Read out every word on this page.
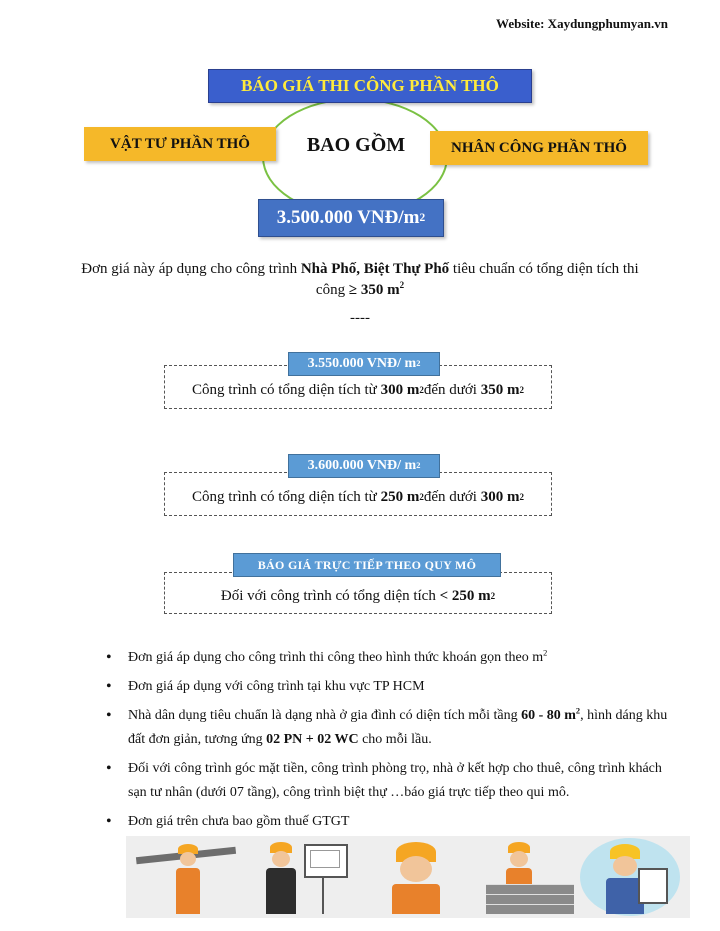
Website: Xaydungphumyan.vn
BÁO GIÁ THI CÔNG PHẦN THÔ
VẬT TƯ PHẦN THÔ	NHÂN CÔNG PHẦN THÔ
BAO GỒM
3.500.000 VNĐ/m 2
Đơn giá này áp dụng cho công trình Nhà Phố, Biệt Thự Phố tiêu chuẩn có tổng diện tích thi công ≥ 350 $m^2$
----
Công trình có tổng diện tích từ
300 m 2 đến dưới
350 m 2
3.550.000 VNĐ/ m 2
Công trình có tổng diện tích từ
250 m 2 đến dưới
300 m 2
3.600.000 VNĐ/ m 2
Đối với công trình có tổng diện tích
< 250 m 2
BÁO GIÁ TRỰC TIẾP THEO QUY MÔ
• Đơn giá áp dụng cho công trình thi công theo hình thức khoán gọn theo $m^2$
• Đơn giá áp dụng với công trình tại khu vực TP HCM
• Nhà dân dụng tiêu chuẩn là dạng nhà ở gia đình có diện tích mỗi tầng 60 - 80 $m^2$, hình dáng khu đất đơn giản, tương ứng 02 PN + 02 WC cho mỗi lầu.
• Đối với công trình góc mặt tiền, công trình phòng trọ, nhà ở kết hợp cho thuê, công trình khách sạn tư nhân (dưới 07 tầng), công trình biệt thự …báo giá trực tiếp theo qui mô.
• Đơn giá trên chưa bao gồm thuế GTGT
